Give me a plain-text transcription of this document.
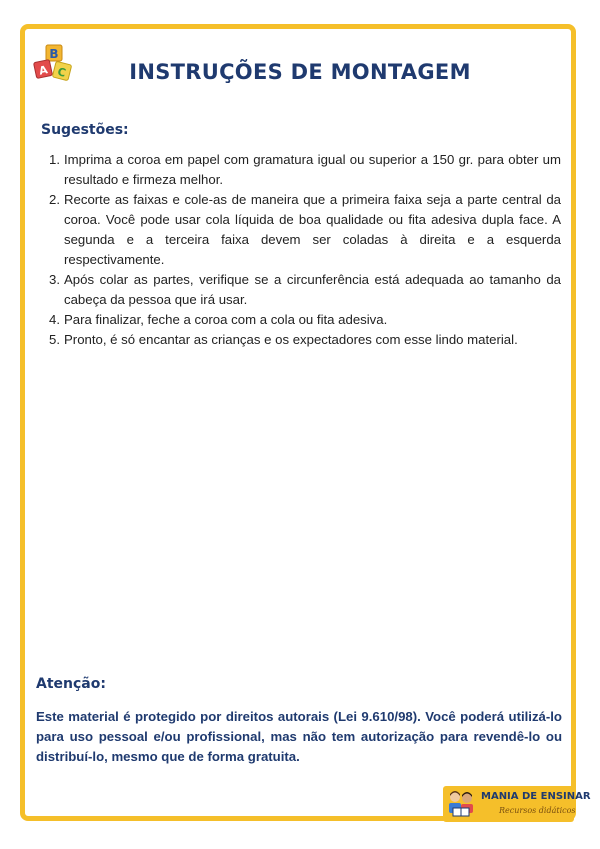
B
A C	INSTRUÇÕES DE MONTAGEM
Sugestões:
1. Imprima a coroa em papel com gramatura igual ou superior a 150 gr. para obter um resultado e firmeza melhor.
2. Recorte as faixas e cole-as de maneira que a primeira faixa seja a parte central da coroa. Você pode usar cola líquida de boa qualidade ou fita adesiva dupla face. A segunda e a terceira faixa devem ser coladas à direita e a esquerda respectivamente.
3. Após colar as partes, verifique se a circunferência está adequada ao tamanho da cabeça da pessoa que irá usar.
4. Para finalizar, feche a coroa com a cola ou fita adesiva.
5. Pronto, é só encantar as crianças e os expectadores com esse lindo material.
Atenção:
Este material é protegido por direitos autorais (Lei 9.610/98). Você poderá utilizá-lo para uso pessoal e/ou profissional, mas não tem autorização para revendê-lo ou distribuí-lo, mesmo que de forma gratuita.
MANIA DE ENSINAR
Recursos didáticos
